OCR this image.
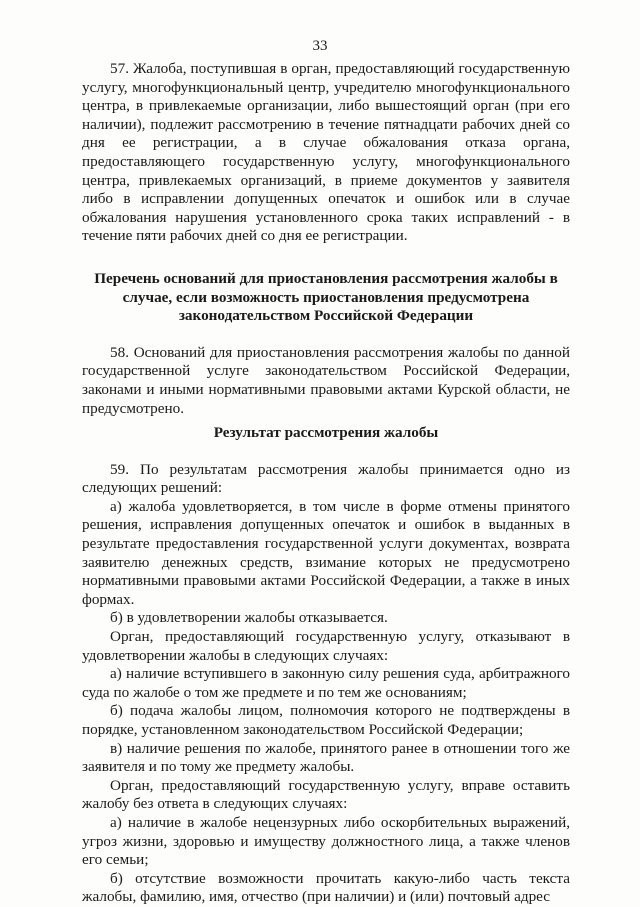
33

57. Жалоба, поступившая в орган, предоставляющий государственную услугу, многофункциональный центр, учредителю многофункционального центра, в привлекаемые организации, либо вышестоящий орган (при его наличии), подлежит рассмотрению в течение пятнадцати рабочих дней со дня ее регистрации, а в случае обжалования отказа органа, предоставляющего государственную услугу, многофункционального центра, привлекаемых организаций, в приеме документов у заявителя либо в исправлении допущенных опечаток и ошибок или в случае обжалования нарушения установленного срока таких исправлений - в течение пяти рабочих дней со дня ее регистрации.

Перечень оснований для приостановления рассмотрения жалобы в случае, если возможность приостановления предусмотрена законодательством Российской Федерации

58. Оснований для приостановления рассмотрения жалобы по данной государственной услуге законодательством Российской Федерации, законами и иными нормативными правовыми актами Курской области, не предусмотрено.

Результат рассмотрения жалобы

59. По результатам рассмотрения жалобы принимается одно из следующих решений:

а) жалоба удовлетворяется, в том числе в форме отмены принятого решения, исправления допущенных опечаток и ошибок в выданных в результате предоставления государственной услуги документах, возврата заявителю денежных средств, взимание которых не предусмотрено нормативными правовыми актами Российской Федерации, а также в иных формах.

б) в удовлетворении жалобы отказывается.

Орган, предоставляющий государственную услугу, отказывают в удовлетворении жалобы в следующих случаях:

а) наличие вступившего в законную силу решения суда, арбитражного суда по жалобе о том же предмете и по тем же основаниям;

б) подача жалобы лицом, полномочия которого не подтверждены в порядке, установленном законодательством Российской Федерации;

в) наличие решения по жалобе, принятого ранее в отношении того же заявителя и по тому же предмету жалобы.

Орган, предоставляющий государственную услугу, вправе оставить жалобу без ответа в следующих случаях:

а) наличие в жалобе нецензурных либо оскорбительных выражений, угроз жизни, здоровью и имуществу должностного лица, а также членов его семьи;

б) отсутствие возможности прочитать какую-либо часть текста жалобы, фамилию, имя, отчество (при наличии) и (или) почтовый адрес
